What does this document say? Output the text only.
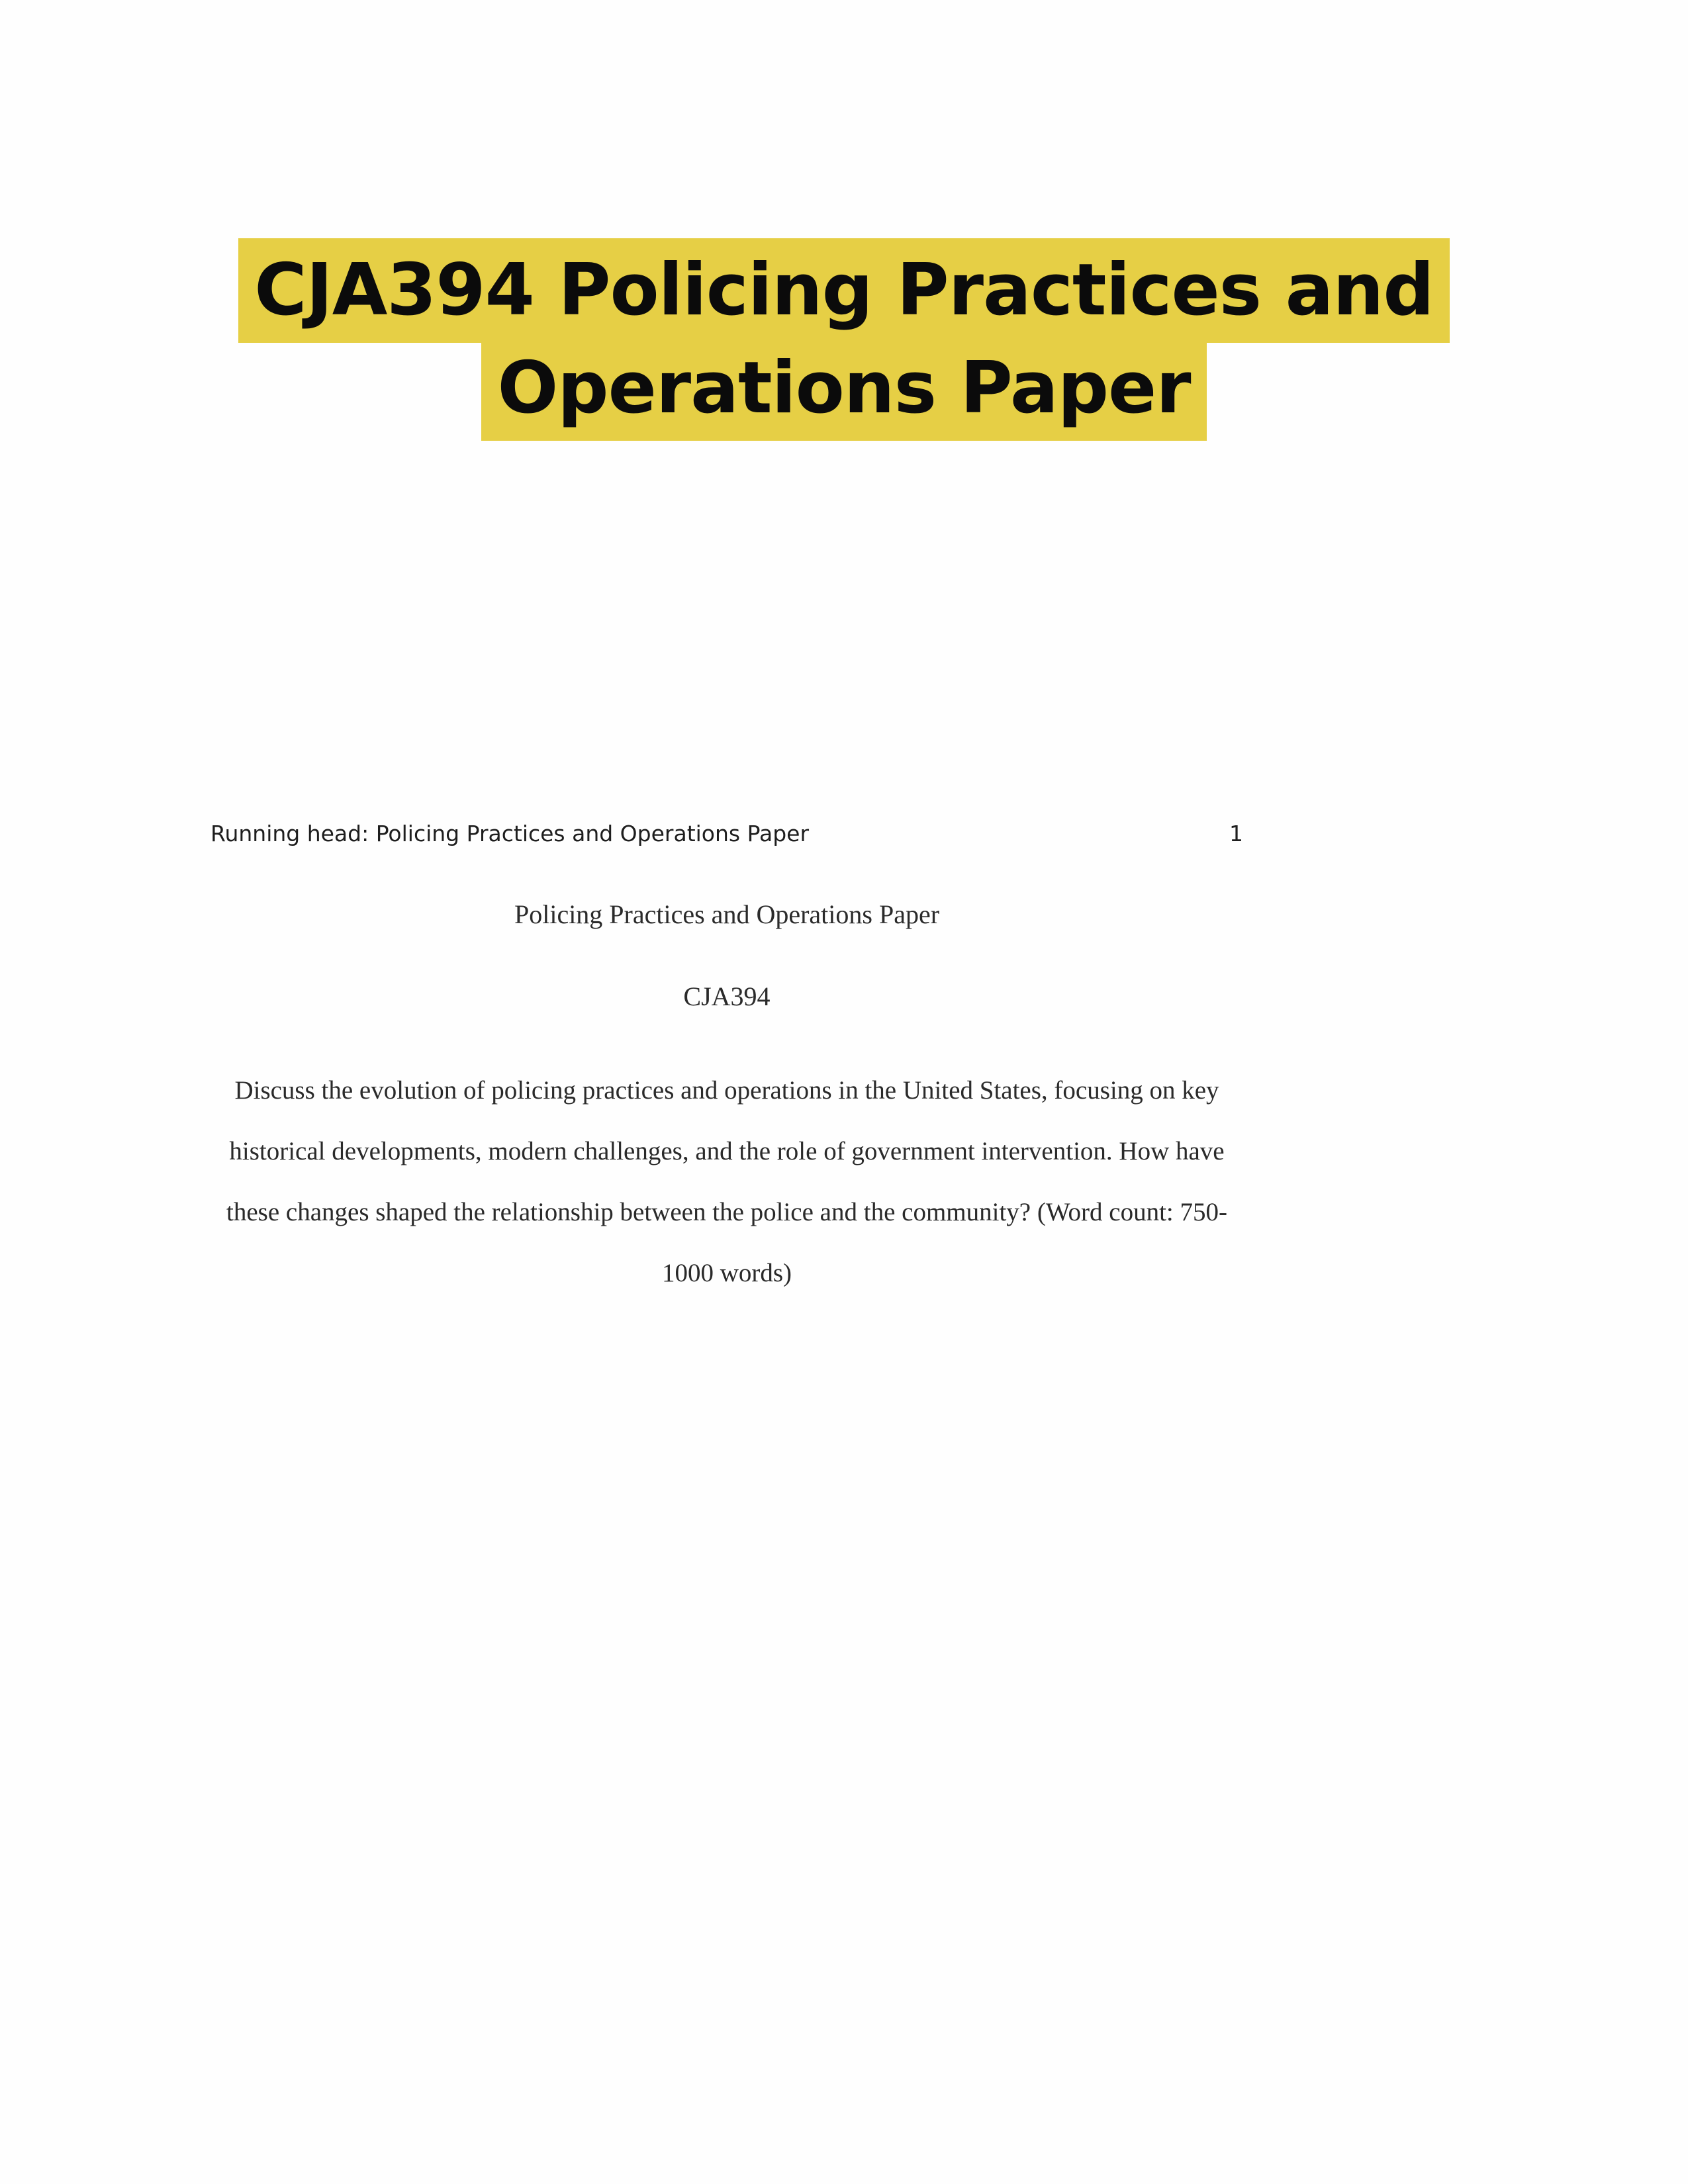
CJA394 Policing Practices and
Operations Paper
Running head: Policing Practices and Operations Paper	1
Policing Practices and Operations Paper
CJA394
Discuss the evolution of policing practices and operations in the United States, focusing on key
historical developments, modern challenges, and the role of government intervention. How have
these changes shaped the relationship between the police and the community? (Word count: 750-
1000 words)
